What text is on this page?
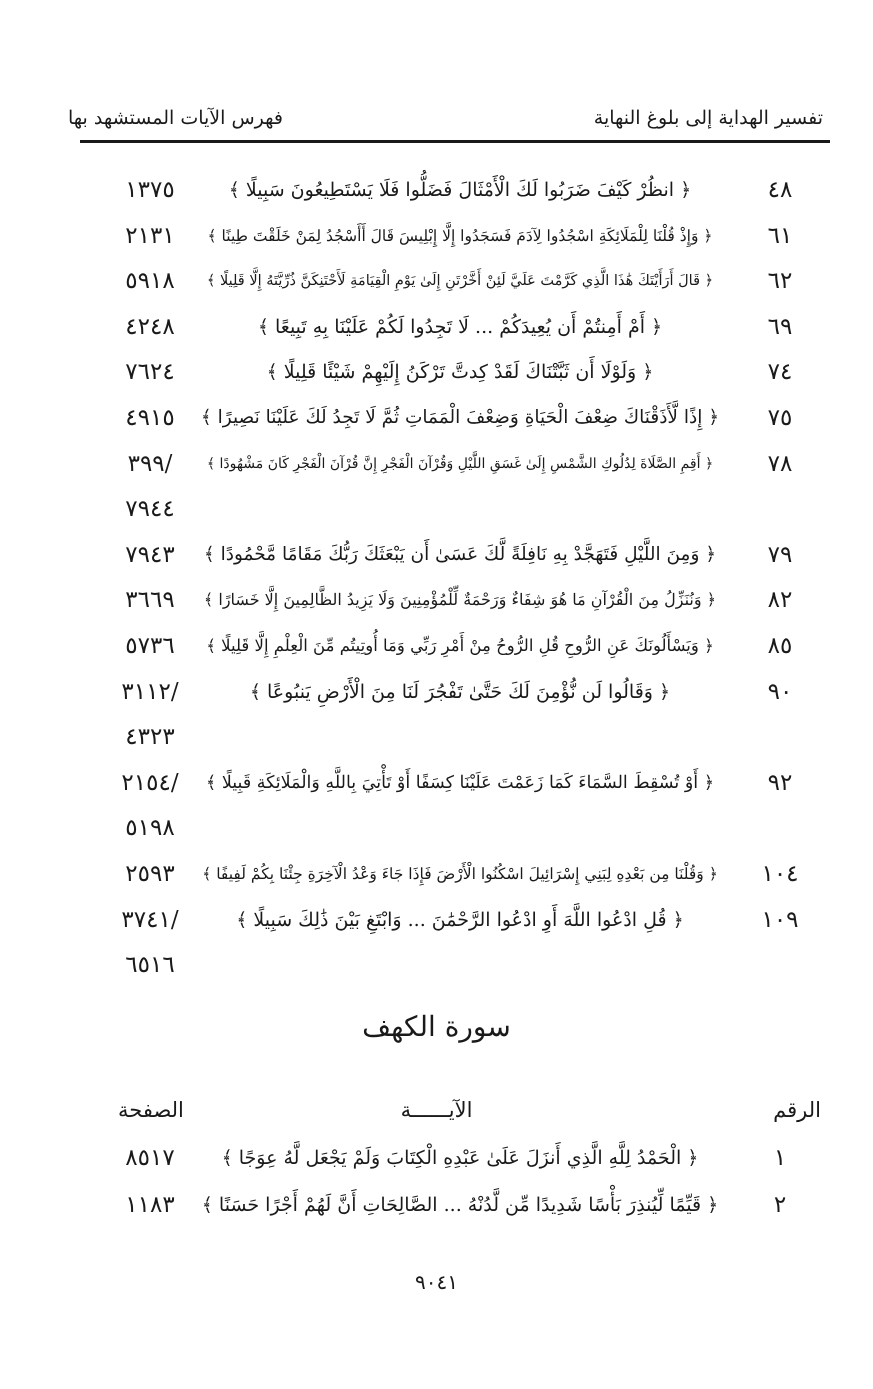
تفسير الهداية إلى بلوغ النهاية
فهرس الآيات المستشهد بها
٤٨
﴿ انظُرْ كَيْفَ ضَرَبُوا لَكَ الْأَمْثَالَ فَضَلُّوا فَلَا يَسْتَطِيعُونَ سَبِيلًا ﴾
١٣٧٥
٦١
﴿ وَإِذْ قُلْنَا لِلْمَلَائِكَةِ اسْجُدُوا لِآدَمَ فَسَجَدُوا إِلَّا إِبْلِيسَ قَالَ أَأَسْجُدُ لِمَنْ خَلَقْتَ طِينًا ﴾
٢١٣١
٦٢
﴿ قَالَ أَرَأَيْتَكَ هَٰذَا الَّذِي كَرَّمْتَ عَلَيَّ لَئِنْ أَخَّرْتَنِ إِلَىٰ يَوْمِ الْقِيَامَةِ لَأَحْتَنِكَنَّ ذُرِّيَّتَهُ إِلَّا قَلِيلًا ﴾
٥٩١٨
٦٩
﴿ أَمْ أَمِنتُمْ أَن يُعِيدَكُمْ ... لَا تَجِدُوا لَكُمْ عَلَيْنَا بِهِ تَبِيعًا ﴾
٤٢٤٨
٧٤
﴿ وَلَوْلَا أَن ثَبَّتْنَاكَ لَقَدْ كِدتَّ تَرْكَنُ إِلَيْهِمْ شَيْئًا قَلِيلًا ﴾
٧٦٢٤
٧٥
﴿ إِذًا لَّأَذَقْنَاكَ ضِعْفَ الْحَيَاةِ وَضِعْفَ الْمَمَاتِ ثُمَّ لَا تَجِدُ لَكَ عَلَيْنَا نَصِيرًا ﴾
٤٩١٥
٧٨
﴿ أَقِمِ الصَّلَاةَ لِدُلُوكِ الشَّمْسِ إِلَىٰ غَسَقِ اللَّيْلِ وَقُرْآنَ الْفَجْرِ إِنَّ قُرْآنَ الْفَجْرِ كَانَ مَشْهُودًا ﴾
/٣٩٩
٧٩٤٤
٧٩
﴿ وَمِنَ اللَّيْلِ فَتَهَجَّدْ بِهِ نَافِلَةً لَّكَ عَسَىٰ أَن يَبْعَثَكَ رَبُّكَ مَقَامًا مَّحْمُودًا ﴾
٧٩٤٣
٨٢
﴿ وَنُنَزِّلُ مِنَ الْقُرْآنِ مَا هُوَ شِفَاءٌ وَرَحْمَةٌ لِّلْمُؤْمِنِينَ وَلَا يَزِيدُ الظَّالِمِينَ إِلَّا خَسَارًا ﴾
٣٦٦٩
٨٥
﴿ وَيَسْأَلُونَكَ عَنِ الرُّوحِ قُلِ الرُّوحُ مِنْ أَمْرِ رَبِّي وَمَا أُوتِيتُم مِّنَ الْعِلْمِ إِلَّا قَلِيلًا ﴾
٥٧٣٦
٩٠
﴿ وَقَالُوا لَن نُّؤْمِنَ لَكَ حَتَّىٰ تَفْجُرَ لَنَا مِنَ الْأَرْضِ يَنبُوعًا ﴾
/٣١١٢
٤٣٢٣
٩٢
﴿ أَوْ تُسْقِطَ السَّمَاءَ كَمَا زَعَمْتَ عَلَيْنَا كِسَفًا أَوْ تَأْتِيَ بِاللَّهِ وَالْمَلَائِكَةِ قَبِيلًا ﴾
/٢١٥٤
٥١٩٨
١٠٤
﴿ وَقُلْنَا مِن بَعْدِهِ لِبَنِي إِسْرَائِيلَ اسْكُنُوا الْأَرْضَ فَإِذَا جَاءَ وَعْدُ الْآخِرَةِ جِئْنَا بِكُمْ لَفِيفًا ﴾
٢٥٩٣
١٠٩
﴿ قُلِ ادْعُوا اللَّهَ أَوِ ادْعُوا الرَّحْمَٰنَ ... وَابْتَغِ بَيْنَ ذَٰلِكَ سَبِيلًا ﴾
/٣٧٤١
٦٥١٦
سورة الكهف
الرقم
الآيــــــة
الصفحة
١
﴿ الْحَمْدُ لِلَّهِ الَّذِي أَنزَلَ عَلَىٰ عَبْدِهِ الْكِتَابَ وَلَمْ يَجْعَل لَّهُ عِوَجًا ﴾
٨٥١٧
٢
﴿ قَيِّمًا لِّيُنذِرَ بَأْسًا شَدِيدًا مِّن لَّدُنْهُ ... الصَّالِحَاتِ أَنَّ لَهُمْ أَجْرًا حَسَنًا ﴾
١١٨٣
٩٠٤١
